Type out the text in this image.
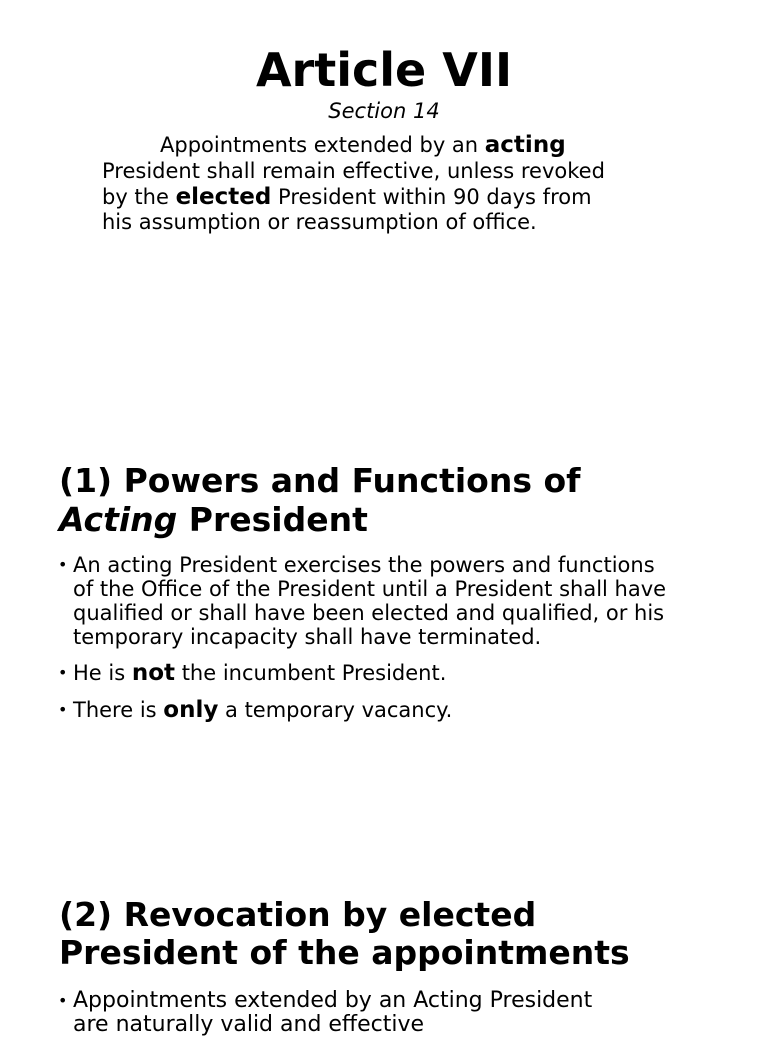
Article VII
Section 14
Appointments extended by an acting
President shall remain effective, unless revoked
by the elected President within 90 days from
his assumption or reassumption of office.
(1) Powers and Functions of
Acting President
• An acting President exercises the powers and functions
of the Office of the President until a President shall have
qualified or shall have been elected and qualified, or his
temporary incapacity shall have terminated.
• He is not the incumbent President.
• There is only a temporary vacancy.
(2) Revocation by elected
President of the appointments
• Appointments extended by an Acting President
are naturally valid and effective
